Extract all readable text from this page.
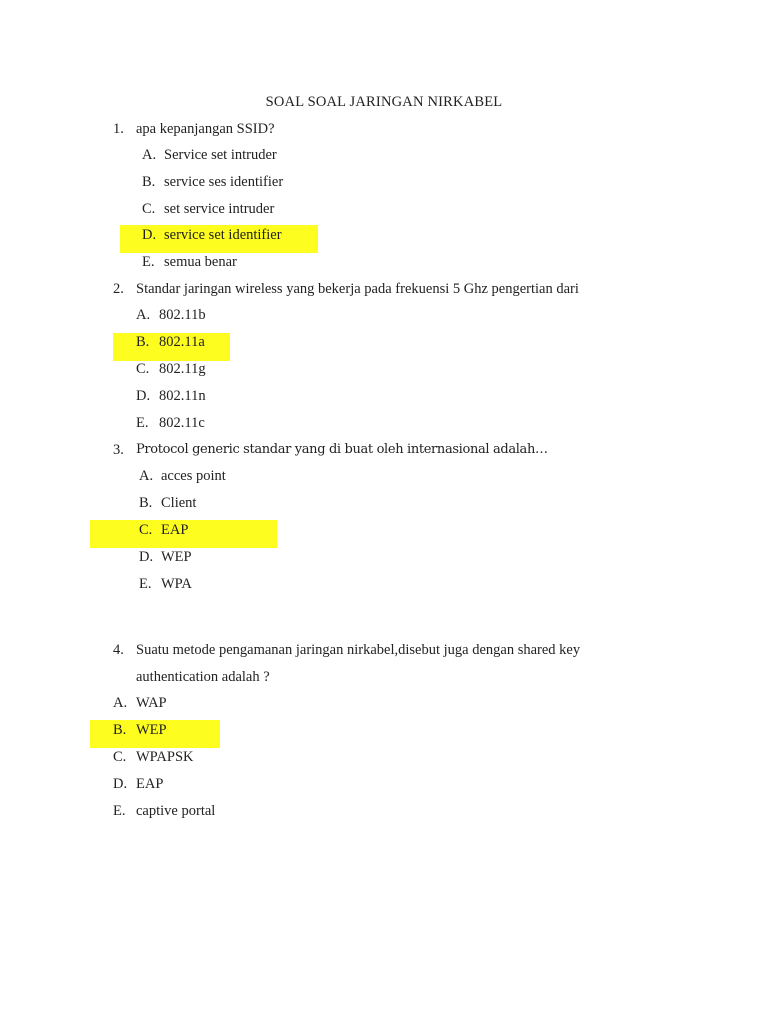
SOAL SOAL JARINGAN NIRKABEL
1. apa kepanjangan SSID?
A. Service set intruder
B. service ses identifier
C. set service intruder
D. service set identifier
E. semua benar
2. Standar jaringan wireless yang bekerja pada frekuensi 5 Ghz pengertian dari
A. 802.11b
B. 802.11a
C. 802.11g
D. 802.11n
E. 802.11c
3. Protocol generic standar yang di buat oleh internasional adalah…
A. acces point
B. Client
C. EAP
D. WEP
E. WPA
4. Suatu metode pengamanan jaringan nirkabel,disebut juga dengan shared key
authentication adalah ?
A. WAP
B. WEP
C. WPAPSK
D. EAP
E. captive portal
